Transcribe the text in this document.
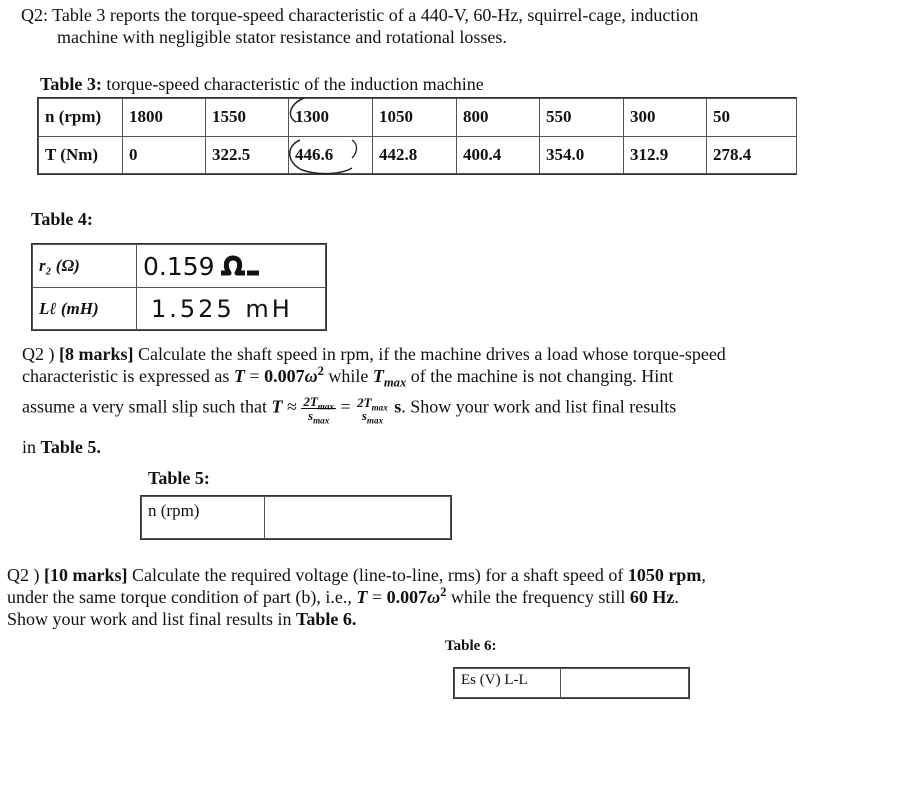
Q2: Table 3 reports the torque-speed characteristic of a 440-V, 60-Hz, squirrel-cage, induction
machine with negligible stator resistance and rotational losses.
Table 3: torque-speed characteristic of the induction machine
n (rpm)	1800	1550	1300	1050	800	550	300	50
T (Nm)	0	322.5	446.6	442.8	400.4	354.0	312.9	278.4
Table 4:
r₂ (Ω)	0.159
Lℓ (mH)	1.525 mH
Q2 ) [8 marks] Calculate the shaft speed in rpm, if the machine drives a load whose torque-speed
characteristic is expressed as $T = 0.007\omega^2$ while $T_{max}$ of the machine is not changing. Hint
assume a very small slip such that $T \approx \frac{2T_{max}}{s_{max}} = 2T_{max}$
$s_{max}$
s. Show your work and list final results
in Table 5.
Table 5:
n (rpm)	
Q2 ) [10 marks] Calculate the required voltage (line-to-line, rms) for a shaft speed of 1050 rpm,
under the same torque condition of part (b), i.e., $T = 0.007\omega^2$ while the frequency still 60 Hz.
Show your work and list final results in Table 6.
Table 6:
Es (V) L-L	
